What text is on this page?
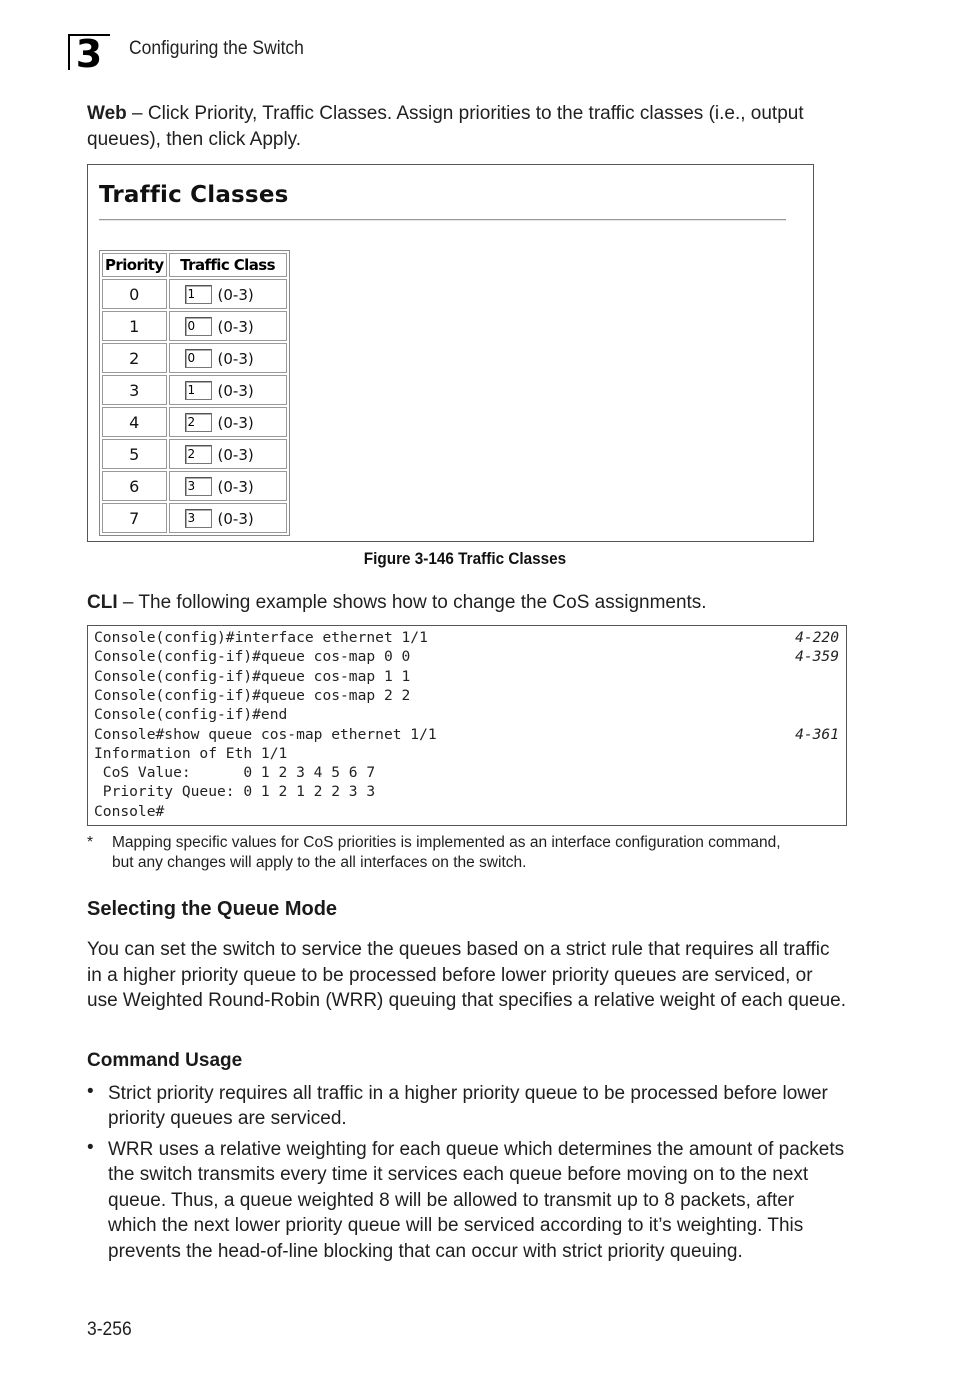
3 Configuring the Switch
Web – Click Priority, Traffic Classes. Assign priorities to the traffic classes (i.e., output queues), then click Apply.
Traffic Classes
Priority	Traffic Class
0	1 (0-3)
1	0 (0-3)
2	0 (0-3)
3	1 (0-3)
4	2 (0-3)
5	2 (0-3)
6	3 (0-3)
7	3 (0-3)
Figure 3-146 Traffic Classes
CLI – The following example shows how to change the CoS assignments.
Console(config)#interface ethernet 1/1	4-220
Console(config-if)#queue cos-map 0 0	4-359
Console(config-if)#queue cos-map 1 1
Console(config-if)#queue cos-map 2 2
Console(config-if)#end
Console#show queue cos-map ethernet 1/1	4-361
Information of Eth 1/1
CoS Value:      0 1 2 3 4 5 6 7
Priority Queue: 0 1 2 1 2 2 3 3
Console#
* Mapping specific values for CoS priorities is implemented as an interface configuration command, but any changes will apply to the all interfaces on the switch.
Selecting the Queue Mode
You can set the switch to service the queues based on a strict rule that requires all traffic in a higher priority queue to be processed before lower priority queues are serviced, or use Weighted Round-Robin (WRR) queuing that specifies a relative weight of each queue.
Command Usage
• Strict priority requires all traffic in a higher priority queue to be processed before lower priority queues are serviced.
• WRR uses a relative weighting for each queue which determines the amount of packets the switch transmits every time it services each queue before moving on to the next queue. Thus, a queue weighted 8 will be allowed to transmit up to 8 packets, after which the next lower priority queue will be serviced according to it’s weighting. This prevents the head-of-line blocking that can occur with strict priority queuing.
3-256
